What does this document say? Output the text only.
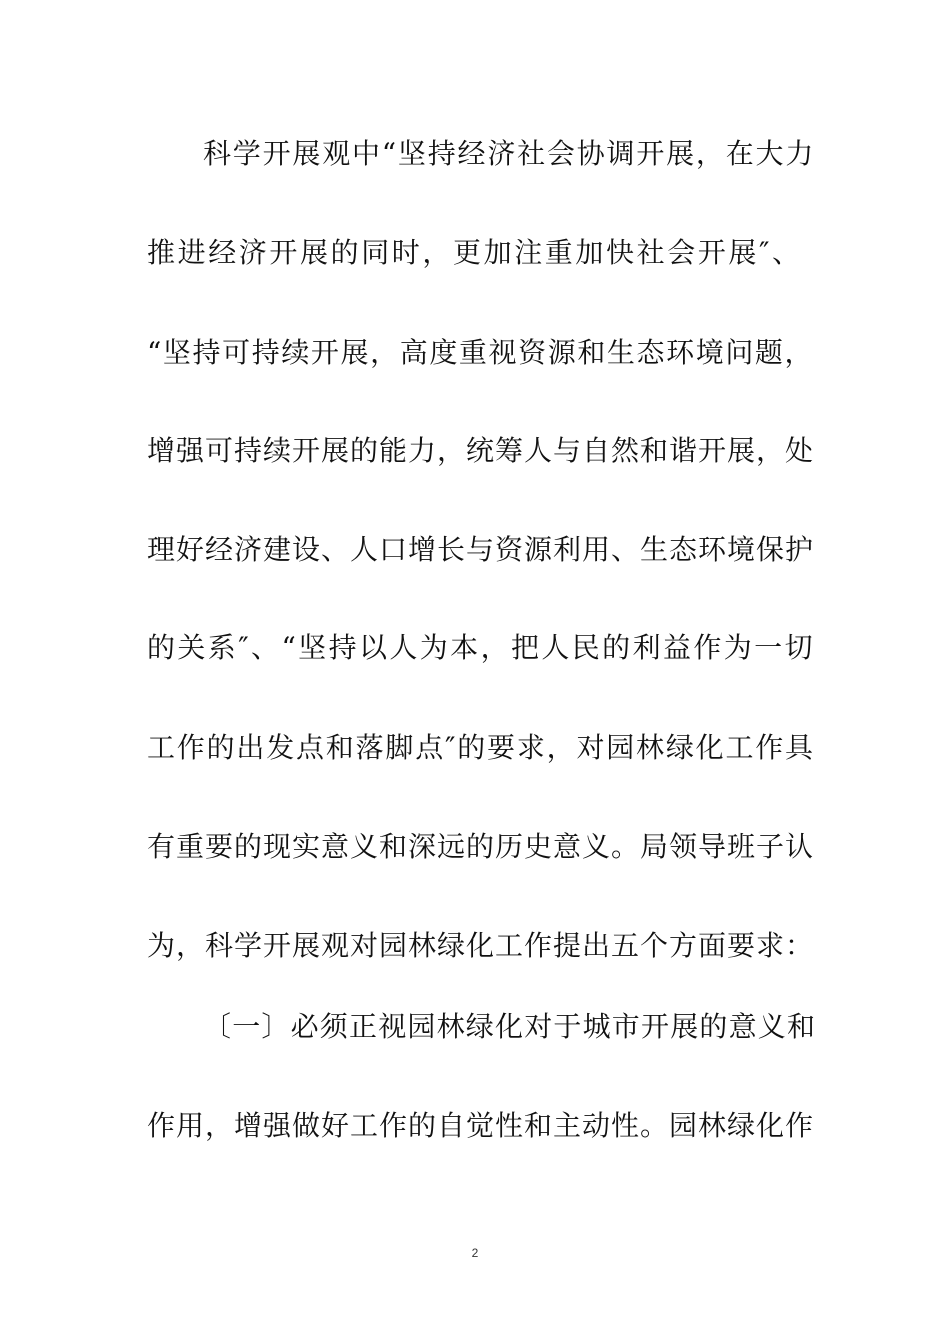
科学开展观中“坚持经济社会协调开展，在大力
推进经济开展的同时，更加注重加快社会开展″、
“坚持可持续开展，高度重视资源和生态环境问题，
增强可持续开展的能力，统筹人与自然和谐开展，处
理好经济建设、人口增长与资源利用、生态环境保护
的关系″、“坚持以人为本，把人民的利益作为一切
工作的出发点和落脚点″的要求，对园林绿化工作具
有重要的现实意义和深远的历史意义。局领导班子认
为，科学开展观对园林绿化工作提出五个方面要求：
〔一〕必须正视园林绿化对于城市开展的意义和
作用，增强做好工作的自觉性和主动性。园林绿化作
2
